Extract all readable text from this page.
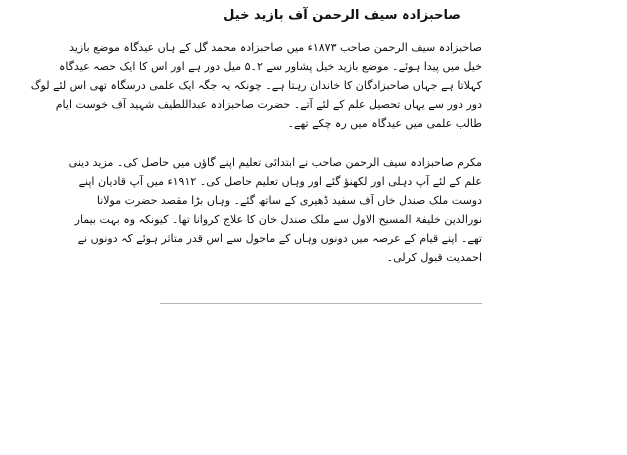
صاحبزادہ سیف الرحمن آف بازید خیل

صاحبزادہ سیف الرحمن صاحب ۱۸۷۳ء میں صاحبزادہ محمد گل کے ہاں عیدگاہ موضع بازید
خیل میں پیدا ہوئے۔ موضع بازید خیل پشاور سے ۲۔۵ میل دور ہے اور اس کا ایک حصہ عیدگاہ
کہلاتا ہے جہاں صاحبزادگان کا خاندان رہتا ہے۔ چونکہ یہ جگہ ایک علمی درسگاہ تھی اس لئے لوگ
دور دور سے یہاں تحصیل علم کے لئے آتے۔ حضرت صاحبزادہ عبداللطیف شہید آف خوست ایام
طالب علمی میں عیدگاہ میں رہ چکے تھے۔

مکرم صاحبزادہ سیف الرحمن صاحب نے ابتدائی تعلیم اپنے گاؤں میں حاصل کی۔ مزید دینی
علم کے لئے آپ دہلی اور لکھنؤ گئے اور وہاں تعلیم حاصل کی۔ ۱۹۱۲ء میں آپ قادیان اپنے
دوست ملک صندل خاں آف سفید ڈھیری کے ساتھ گئے۔ وہاں بڑا مقصد حضرت مولانا
نورالدین خلیفۃ المسیح الاول سے ملک صندل خان کا علاج کروانا تھا۔ کیونکہ وہ بہت بیمار
تھے۔ اپنے قیام کے عرصہ میں دونوں وہاں کے ماحول سے اس قدر متاثر ہوئے کہ دونوں نے
احمدیت قبول کرلی۔
